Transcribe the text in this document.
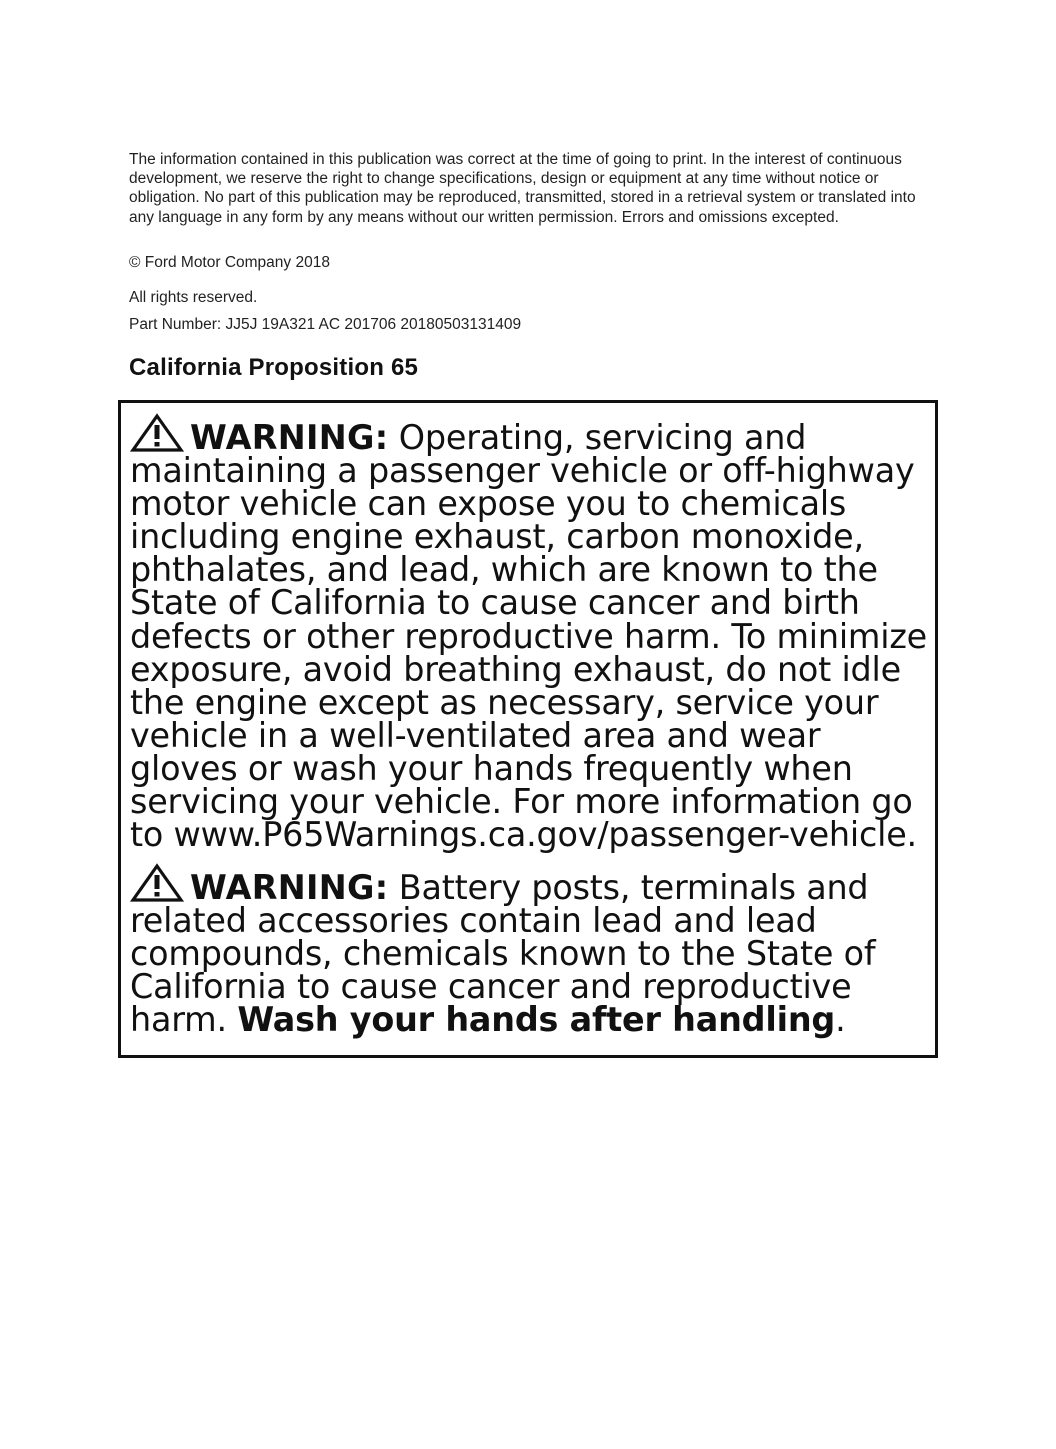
The information contained in this publication was correct at the time of going to print. In the interest of continuous development, we reserve the right to change specifications, design or equipment at any time without notice or obligation. No part of this publication may be reproduced, transmitted, stored in a retrieval system or translated into any language in any form by any means without our written permission. Errors and omissions excepted.
© Ford Motor Company 2018
All rights reserved.
Part Number: JJ5J 19A321 AC 201706 20180503131409
California Proposition 65
WARNING: Operating, servicing and maintaining a passenger vehicle or off-highway motor vehicle can expose you to chemicals including engine exhaust, carbon monoxide, phthalates, and lead, which are known to the State of California to cause cancer and birth defects or other reproductive harm. To minimize exposure, avoid breathing exhaust, do not idle the engine except as necessary, service your vehicle in a well-ventilated area and wear gloves or wash your hands frequently when servicing your vehicle. For more information go to www.P65Warnings.ca.gov/passenger-vehicle.
WARNING: Battery posts, terminals and related accessories contain lead and lead compounds, chemicals known to the State of California to cause cancer and reproductive harm. Wash your hands after handling.
